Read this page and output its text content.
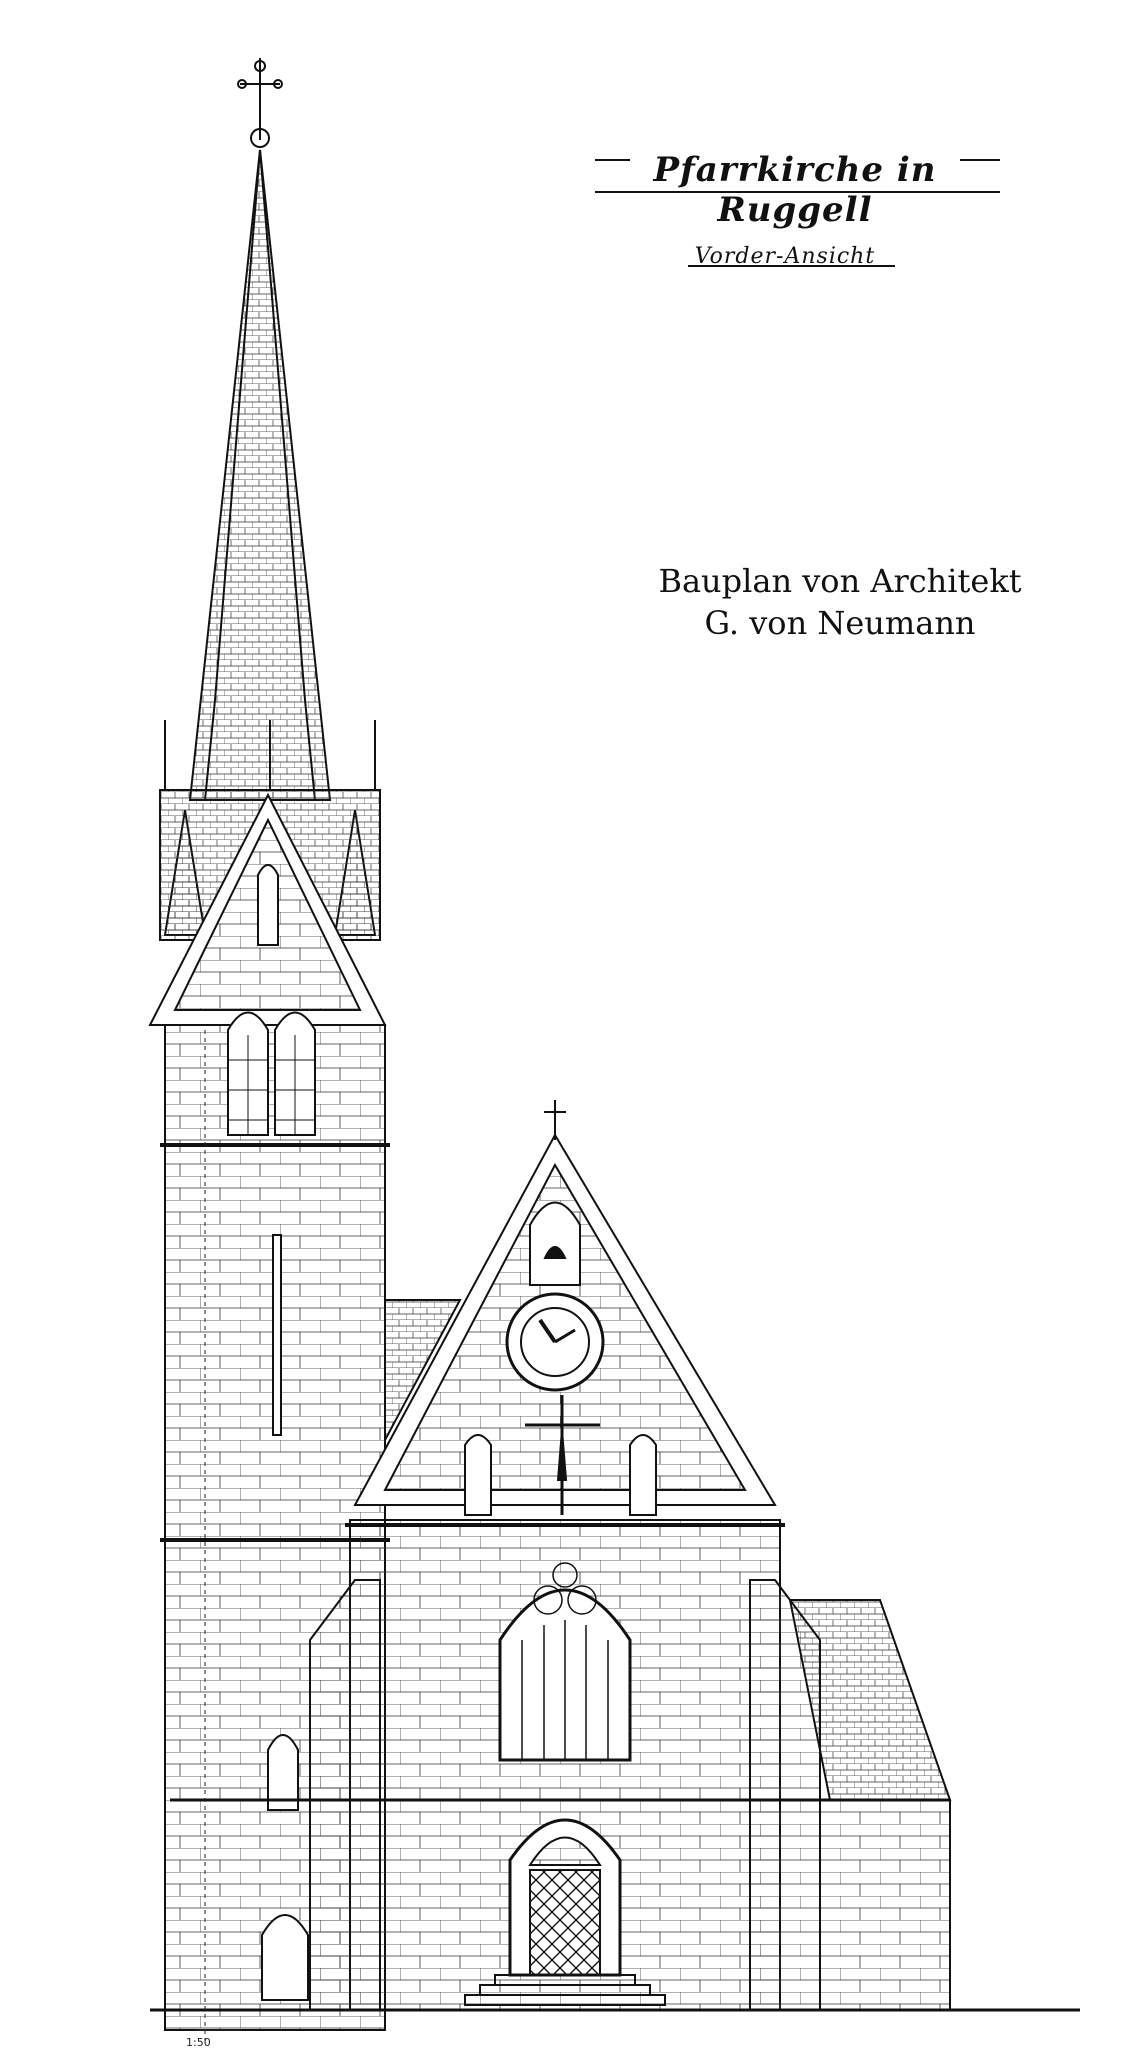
Pfarrkirche in Ruggell
Vorder-Ansicht
Bauplan von Architekt
G. von Neumann
1:50
